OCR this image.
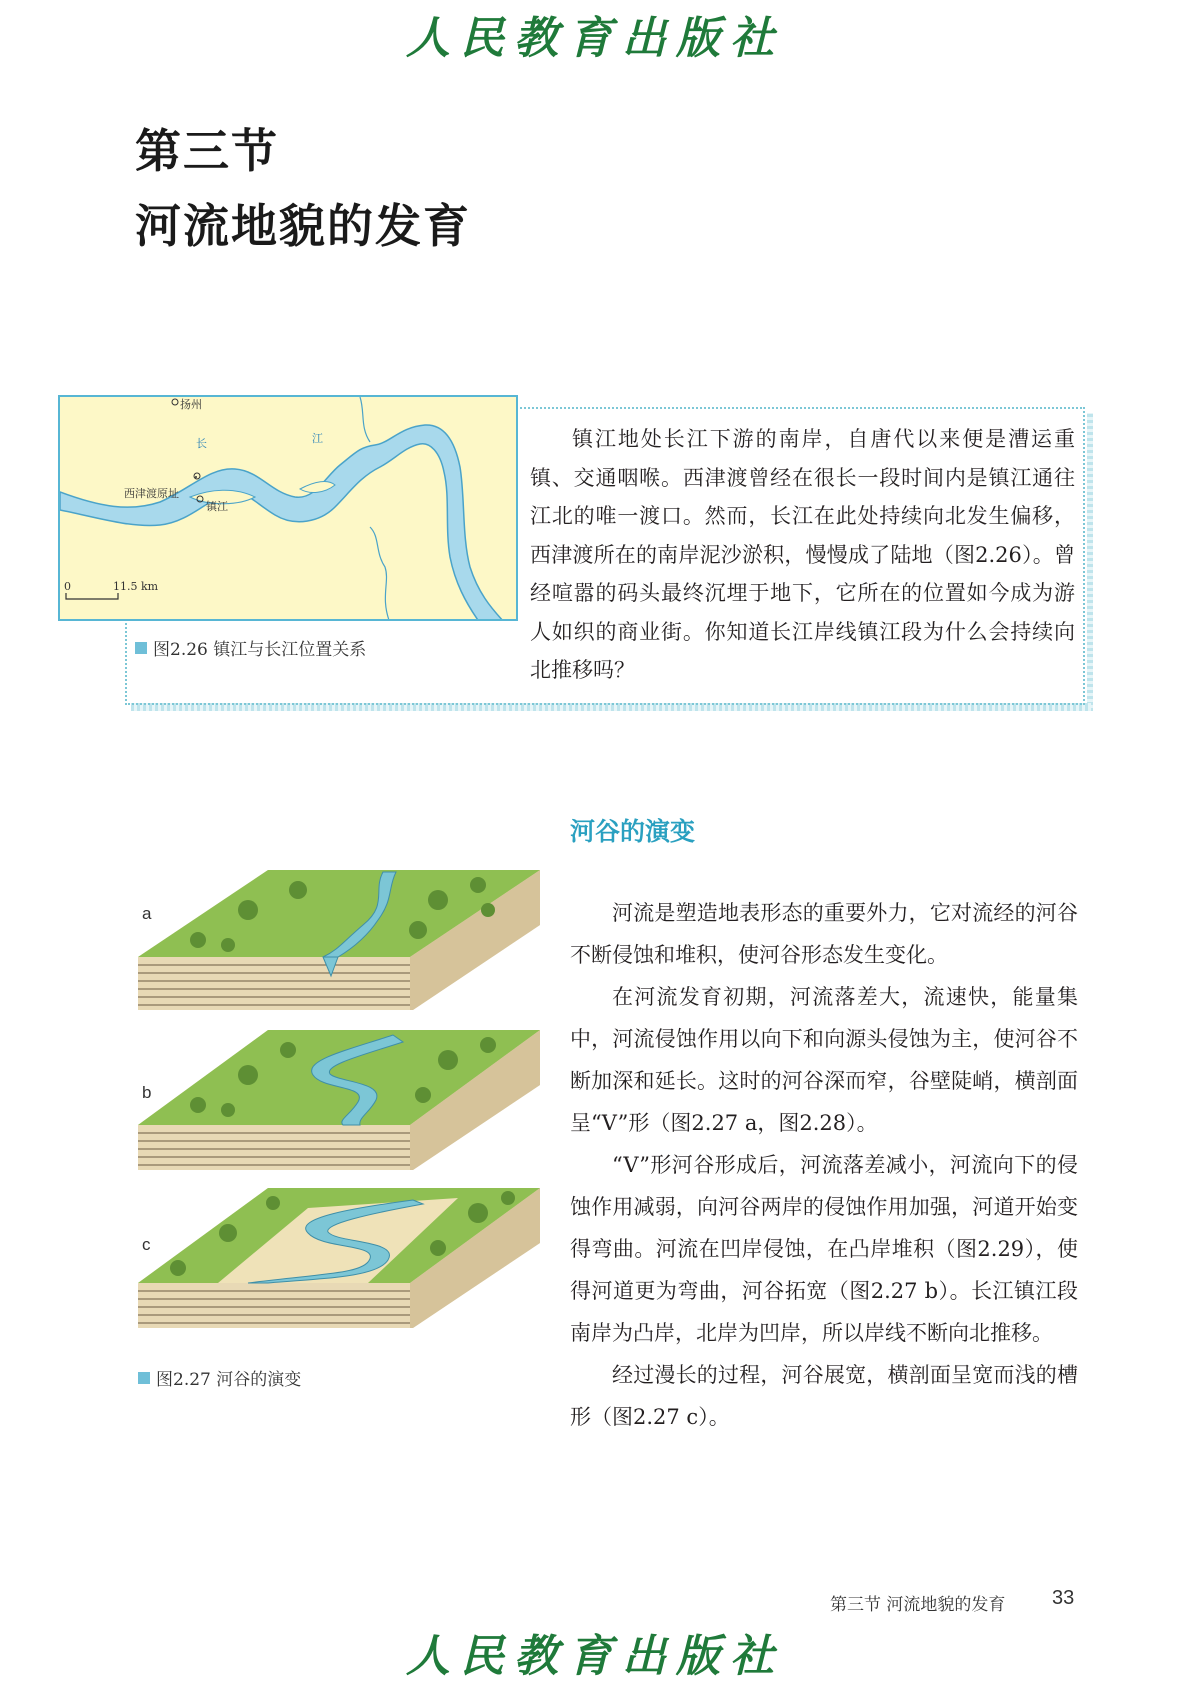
人民教育出版社
第三节
河流地貌的发育
扬州
长	江
西津渡原址
镇江
0	11.5 km
图2.26 镇江与长江位置关系
镇江地处长江下游的南岸，自唐代以来便是漕运重镇、交通咽喉。西津渡曾经在很长一段时间内是镇江通往江北的唯一渡口。然而，长江在此处持续向北发生偏移，西津渡所在的南岸泥沙淤积，慢慢成了陆地（图2.26）。曾经喧嚣的码头最终沉埋于地下，它所在的位置如今成为游人如织的商业街。你知道长江岸线镇江段为什么会持续向北推移吗？
河谷的演变

河流是塑造地表形态的重要外力，它对流经的河谷不断侵蚀和堆积，使河谷形态发生变化。

在河流发育初期，河流落差大，流速快，能量集中，河流侵蚀作用以向下和向源头侵蚀为主，使河谷不断加深和延长。这时的河谷深而窄，谷壁陡峭，横剖面呈“V”形（图2.27 a，图2.28）。

“V”形河谷形成后，河流落差减小，河流向下的侵蚀作用减弱，向河谷两岸的侵蚀作用加强，河道开始变得弯曲。河流在凹岸侵蚀，在凸岸堆积（图2.29），使得河道更为弯曲，河谷拓宽（图2.27 b）。长江镇江段南岸为凸岸，北岸为凹岸，所以岸线不断向北推移。

经过漫长的过程，河谷展宽，横剖面呈宽而浅的槽形（图2.27 c）。

a
b
c
图2.27 河谷的演变
第三节 河流地貌的发育 33
人民教育出版社
